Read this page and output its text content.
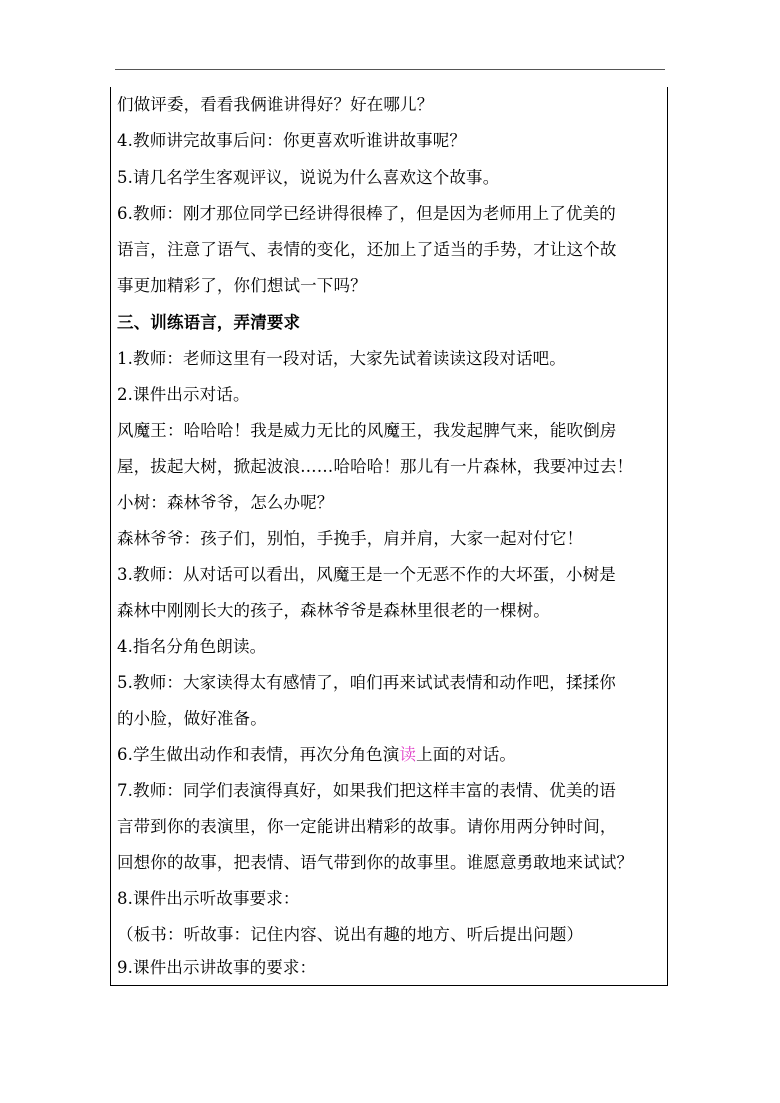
们做评委，看看我俩谁讲得好？好在哪儿？
4.教师讲完故事后问：你更喜欢听谁讲故事呢？
5.请几名学生客观评议，说说为什么喜欢这个故事。
6.教师：刚才那位同学已经讲得很棒了，但是因为老师用上了优美的
语言，注意了语气、表情的变化，还加上了适当的手势，才让这个故
事更加精彩了，你们想试一下吗？
三、训练语言，弄清要求
1.教师：老师这里有一段对话，大家先试着读读这段对话吧。
2.课件出示对话。
风魔王：哈哈哈！我是威力无比的风魔王，我发起脾气来，能吹倒房
屋，拔起大树，掀起波浪……哈哈哈！那儿有一片森林，我要冲过去！
小树：森林爷爷，怎么办呢？
森林爷爷：孩子们，别怕，手挽手，肩并肩，大家一起对付它！
3.教师：从对话可以看出，风魔王是一个无恶不作的大坏蛋，小树是
森林中刚刚长大的孩子，森林爷爷是森林里很老的一棵树。
4.指名分角色朗读。
5.教师：大家读得太有感情了，咱们再来试试表情和动作吧，揉揉你
的小脸，做好准备。
6.学生做出动作和表情，再次分角色演读上面的对话。
7.教师：同学们表演得真好，如果我们把这样丰富的表情、优美的语
言带到你的表演里，你一定能讲出精彩的故事。请你用两分钟时间，
回想你的故事，把表情、语气带到你的故事里。谁愿意勇敢地来试试？
8.课件出示听故事要求：
（板书：听故事：记住内容、说出有趣的地方、听后提出问题）
9.课件出示讲故事的要求：
